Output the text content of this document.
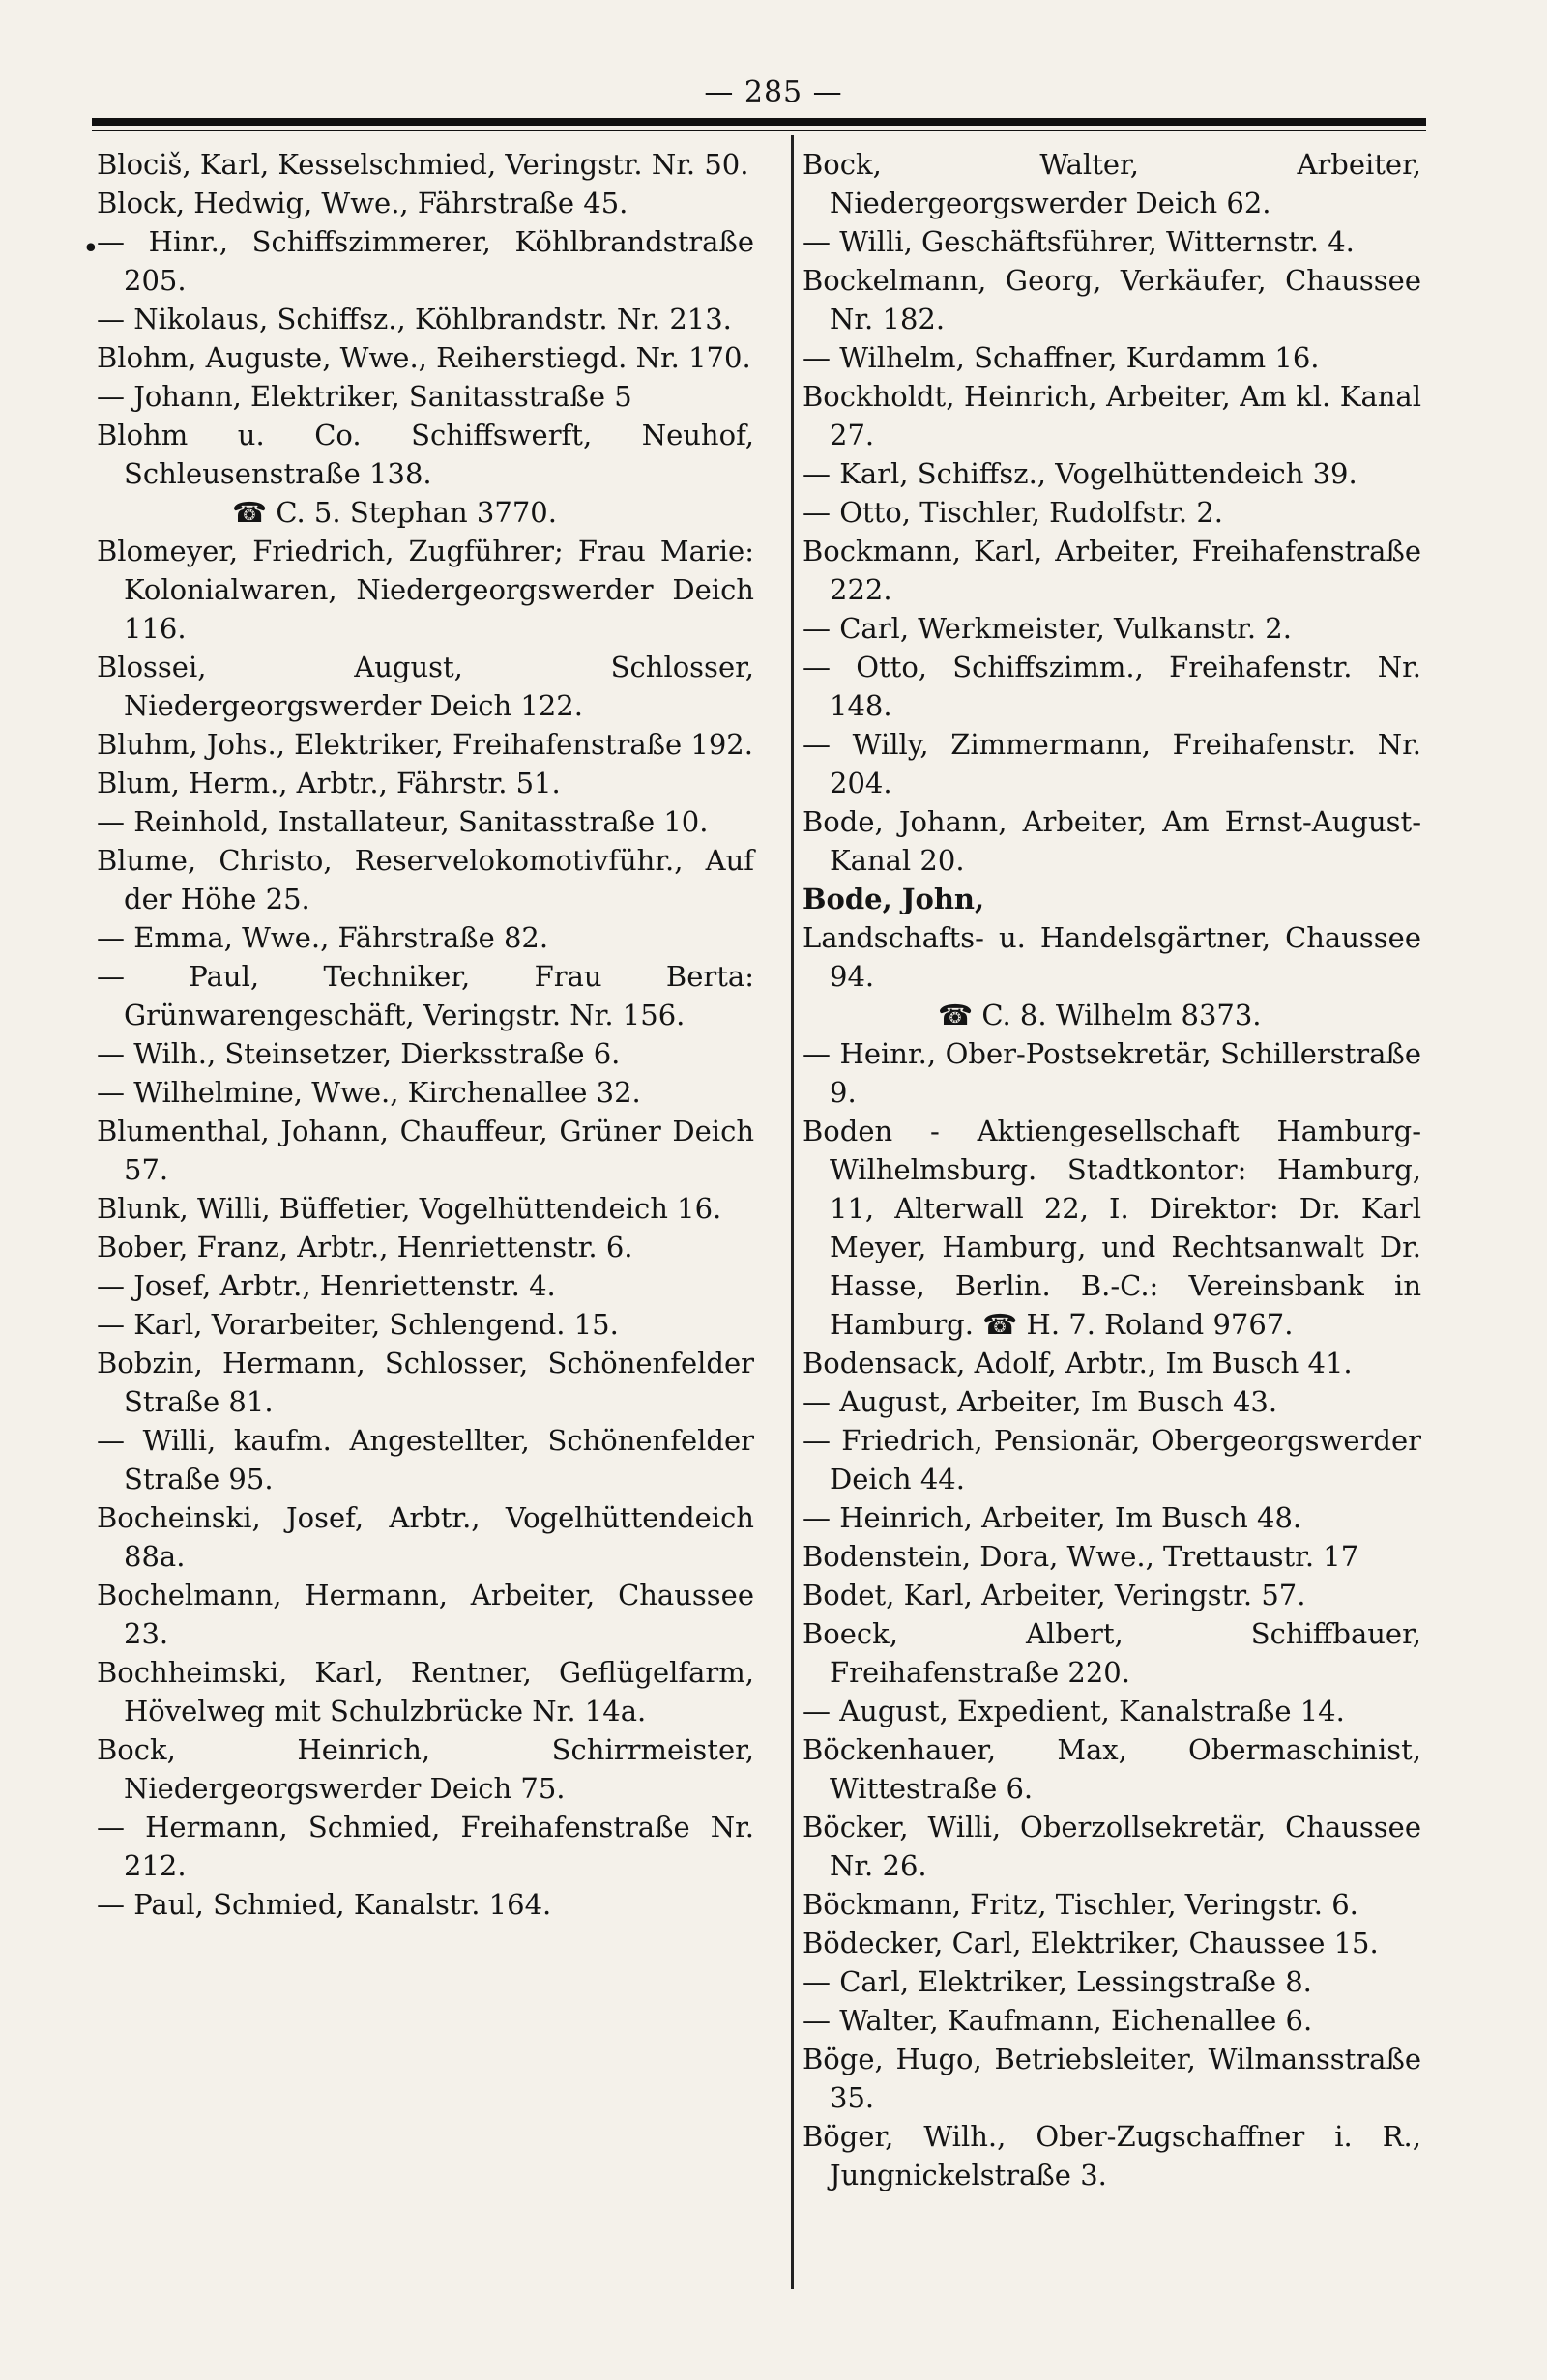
— 285 —
•
Blociš, Karl, Kesselschmied, Veringstr. Nr. 50.
Block, Hedwig, Wwe., Fährstraße 45.
— Hinr., Schiffszimmerer, Köhlbrandstraße 205.
— Nikolaus, Schiffsz., Köhlbrandstr. Nr. 213.
Blohm, Auguste, Wwe., Reiherstiegd. Nr. 170.
— Johann, Elektriker, Sanitasstraße 5
Blohm u. Co. Schiffswerft, Neuhof, Schleusenstraße 138.
☎ C. 5. Stephan 3770.
Blomeyer, Friedrich, Zugführer; Frau Marie: Kolonialwaren, Niedergeorgswerder Deich 116.
Blossei, August, Schlosser, Niedergeorgswerder Deich 122.
Bluhm, Johs., Elektriker, Freihafenstraße 192.
Blum, Herm., Arbtr., Fährstr. 51.
— Reinhold, Installateur, Sanitasstraße 10.
Blume, Christo, Reservelokomotivführ., Auf der Höhe 25.
— Emma, Wwe., Fährstraße 82.
— Paul, Techniker, Frau Berta: Grünwarengeschäft, Veringstr. Nr. 156.
— Wilh., Steinsetzer, Dierksstraße 6.
— Wilhelmine, Wwe., Kirchenallee 32.
Blumenthal, Johann, Chauffeur, Grüner Deich 57.
Blunk, Willi, Büffetier, Vogelhüttendeich 16.
Bober, Franz, Arbtr., Henriettenstr. 6.
— Josef, Arbtr., Henriettenstr. 4.
— Karl, Vorarbeiter, Schlengend. 15.
Bobzin, Hermann, Schlosser, Schönenfelder Straße 81.
— Willi, kaufm. Angestellter, Schönenfelder Straße 95.
Bocheinski, Josef, Arbtr., Vogelhüttendeich 88a.
Bochelmann, Hermann, Arbeiter, Chaussee 23.
Bochheimski, Karl, Rentner, Geflügelfarm, Hövelweg mit Schulzbrücke Nr. 14a.
Bock, Heinrich, Schirrmeister, Niedergeorgswerder Deich 75.
— Hermann, Schmied, Freihafenstraße Nr. 212.
— Paul, Schmied, Kanalstr. 164.
Bock, Walter, Arbeiter, Niedergeorgswerder Deich 62.
— Willi, Geschäftsführer, Witternstr. 4.
Bockelmann, Georg, Verkäufer, Chaussee Nr. 182.
— Wilhelm, Schaffner, Kurdamm 16.
Bockholdt, Heinrich, Arbeiter, Am kl. Kanal 27.
— Karl, Schiffsz., Vogelhüttendeich 39.
— Otto, Tischler, Rudolfstr. 2.
Bockmann, Karl, Arbeiter, Freihafenstraße 222.
— Carl, Werkmeister, Vulkanstr. 2.
— Otto, Schiffszimm., Freihafenstr. Nr. 148.
— Willy, Zimmermann, Freihafenstr. Nr. 204.
Bode, Johann, Arbeiter, Am Ernst-August-Kanal 20.
Bode, John,
Landschafts- u. Handelsgärtner, Chaussee 94.
☎ C. 8. Wilhelm 8373.
— Heinr., Ober-Postsekretär, Schillerstraße 9.
Boden - Aktiengesellschaft Hamburg-Wilhelmsburg. Stadtkontor: Hamburg, 11, Alterwall 22, I. Direktor: Dr. Karl Meyer, Hamburg, und Rechtsanwalt Dr. Hasse, Berlin. B.-C.: Vereinsbank in Hamburg. ☎ H. 7. Roland 9767.
Bodensack, Adolf, Arbtr., Im Busch 41.
— August, Arbeiter, Im Busch 43.
— Friedrich, Pensionär, Obergeorgswerder Deich 44.
— Heinrich, Arbeiter, Im Busch 48.
Bodenstein, Dora, Wwe., Trettaustr. 17
Bodet, Karl, Arbeiter, Veringstr. 57.
Boeck, Albert, Schiffbauer, Freihafenstraße 220.
— August, Expedient, Kanalstraße 14.
Böckenhauer, Max, Obermaschinist, Wittestraße 6.
Böcker, Willi, Oberzollsekretär, Chaussee Nr. 26.
Böckmann, Fritz, Tischler, Veringstr. 6.
Bödecker, Carl, Elektriker, Chaussee 15.
— Carl, Elektriker, Lessingstraße 8.
— Walter, Kaufmann, Eichenallee 6.
Böge, Hugo, Betriebsleiter, Wilmansstraße 35.
Böger, Wilh., Ober-Zugschaffner i. R., Jungnickelstraße 3.
